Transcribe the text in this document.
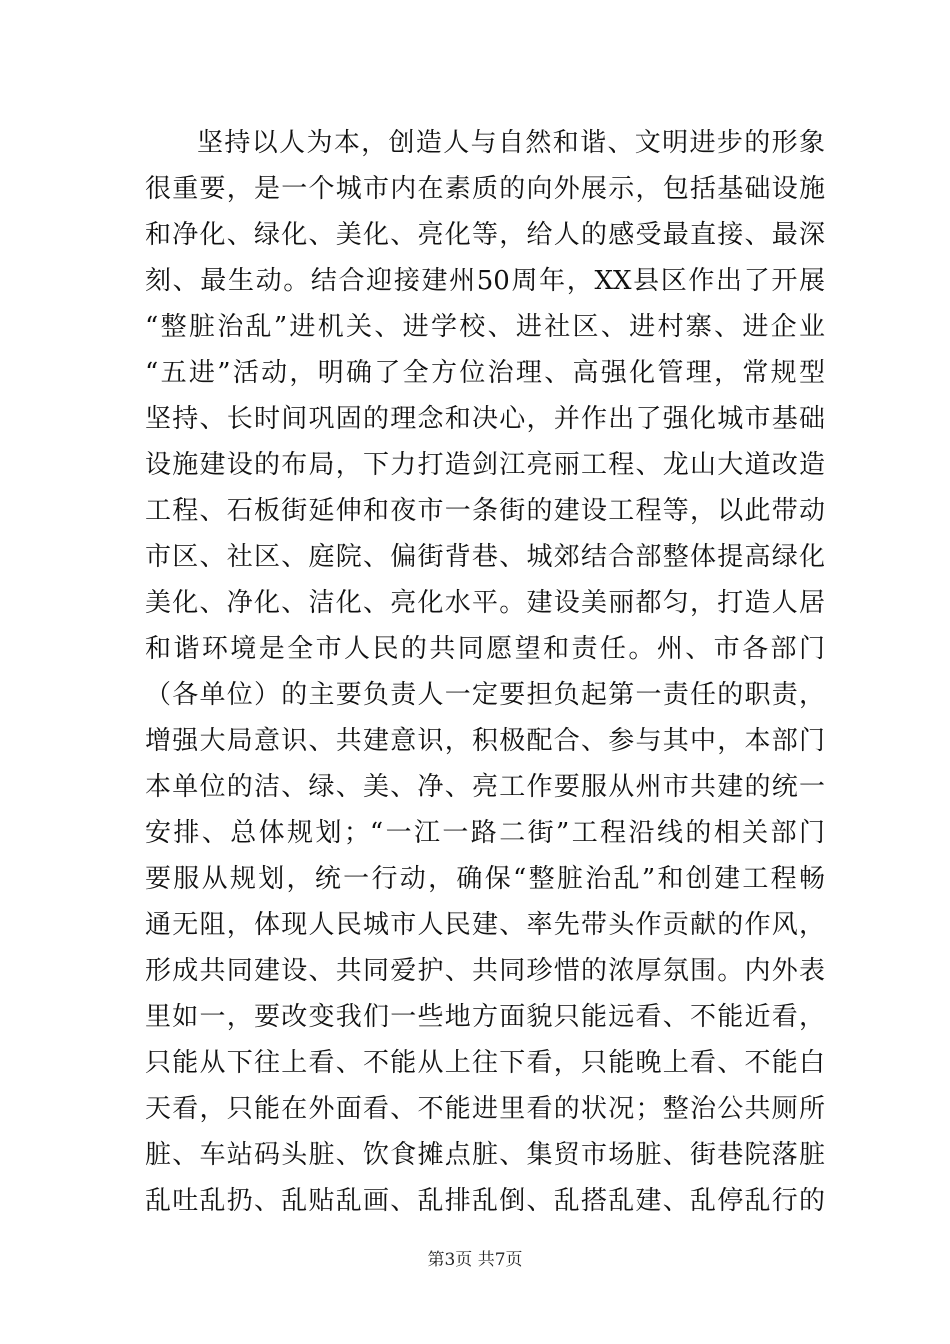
坚持以人为本，创造人与自然和谐、文明进步的形象
很重要，是一个城市内在素质的向外展示，包括基础设施
和净化、绿化、美化、亮化等，给人的感受最直接、最深
刻、最生动。结合迎接建州50周年，XX县区作出了开展
“整脏治乱”进机关、进学校、进社区、进村寨、进企业
“五进”活动，明确了全方位治理、高强化管理，常规型
坚持、长时间巩固的理念和决心，并作出了强化城市基础
设施建设的布局，下力打造剑江亮丽工程、龙山大道改造
工程、石板街延伸和夜市一条街的建设工程等，以此带动
市区、社区、庭院、偏街背巷、城郊结合部整体提高绿化
美化、净化、洁化、亮化水平。建设美丽都匀，打造人居
和谐环境是全市人民的共同愿望和责任。州、市各部门
（各单位）的主要负责人一定要担负起第一责任的职责，
增强大局意识、共建意识，积极配合、参与其中，本部门
本单位的洁、绿、美、净、亮工作要服从州市共建的统一
安排、总体规划；“一江一路二街”工程沿线的相关部门
要服从规划，统一行动，确保“整脏治乱”和创建工程畅
通无阻，体现人民城市人民建、率先带头作贡献的作风，
形成共同建设、共同爱护、共同珍惜的浓厚氛围。内外表
里如一，要改变我们一些地方面貌只能远看、不能近看，
只能从下往上看、不能从上往下看，只能晚上看、不能白
天看，只能在外面看、不能进里看的状况；整治公共厕所
脏、车站码头脏、饮食摊点脏、集贸市场脏、街巷院落脏
乱吐乱扔、乱贴乱画、乱排乱倒、乱搭乱建、乱停乱行的
第3页 共7页
